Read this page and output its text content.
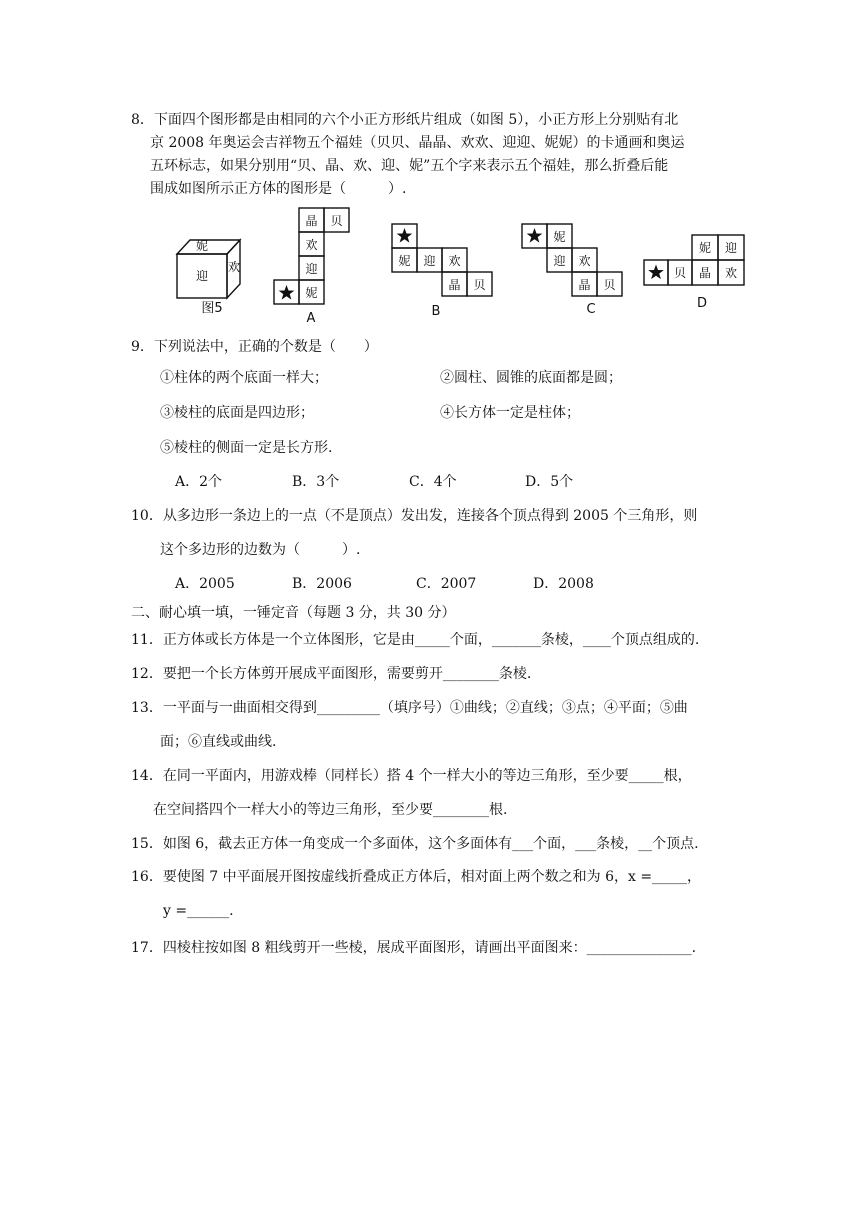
8．下面四个图形都是由相同的六个小正方形纸片组成（如图 5），小正方形上分别贴有北
京 2008 年奥运会吉祥物五个福娃（贝贝、晶晶、欢欢、迎迎、妮妮）的卡通画和奥运
五环标志，如果分别用“贝、晶、欢、迎、妮”五个字来表示五个福娃，那么折叠后能
围成如图所示正方体的图形是（　　　）.
妮
迎
欢
图5
晶 贝
欢
迎
妮
A
妮 迎 欢
晶 贝
B
妮
迎 欢
晶 贝
C
妮 迎
贝 晶 欢
D
9．下列说法中，正确的个数是（　　）
①柱体的两个底面一样大；	②圆柱、圆锥的底面都是圆；
③棱柱的底面是四边形；	④长方体一定是柱体；
⑤棱柱的侧面一定是长方形.
A．2个	B．3个	C．4个	D．5个
10．从多边形一条边上的一点（不是顶点）发出发，连接各个顶点得到 2005 个三角形，则
这个多边形的边数为（　　　）.
A．2005	B．2006	C．2007	D．2008
二、耐心填一填，一锤定音（每题 3 分，共 30 分）
11．正方体或长方体是一个立体图形，它是由_____个面，_______条棱，____个顶点组成的.
12．要把一个长方体剪开展成平面图形，需要剪开________条棱.
13．一平面与一曲面相交得到_________（填序号）①曲线；②直线；③点；④平面；⑤曲
面；⑥直线或曲线.
14．在同一平面内，用游戏棒（同样长）搭 4 个一样大小的等边三角形，至少要_____根，
在空间搭四个一样大小的等边三角形，至少要________根.
15．如图 6，截去正方体一角变成一个多面体，这个多面体有___个面，___条棱，__个顶点.
16．要使图 7 中平面展开图按虚线折叠成正方体后，相对面上两个数之和为 6，x =_____，
y =______.
17．四棱柱按如图 8 粗线剪开一些棱，展成平面图形，请画出平面图来：_______________.
